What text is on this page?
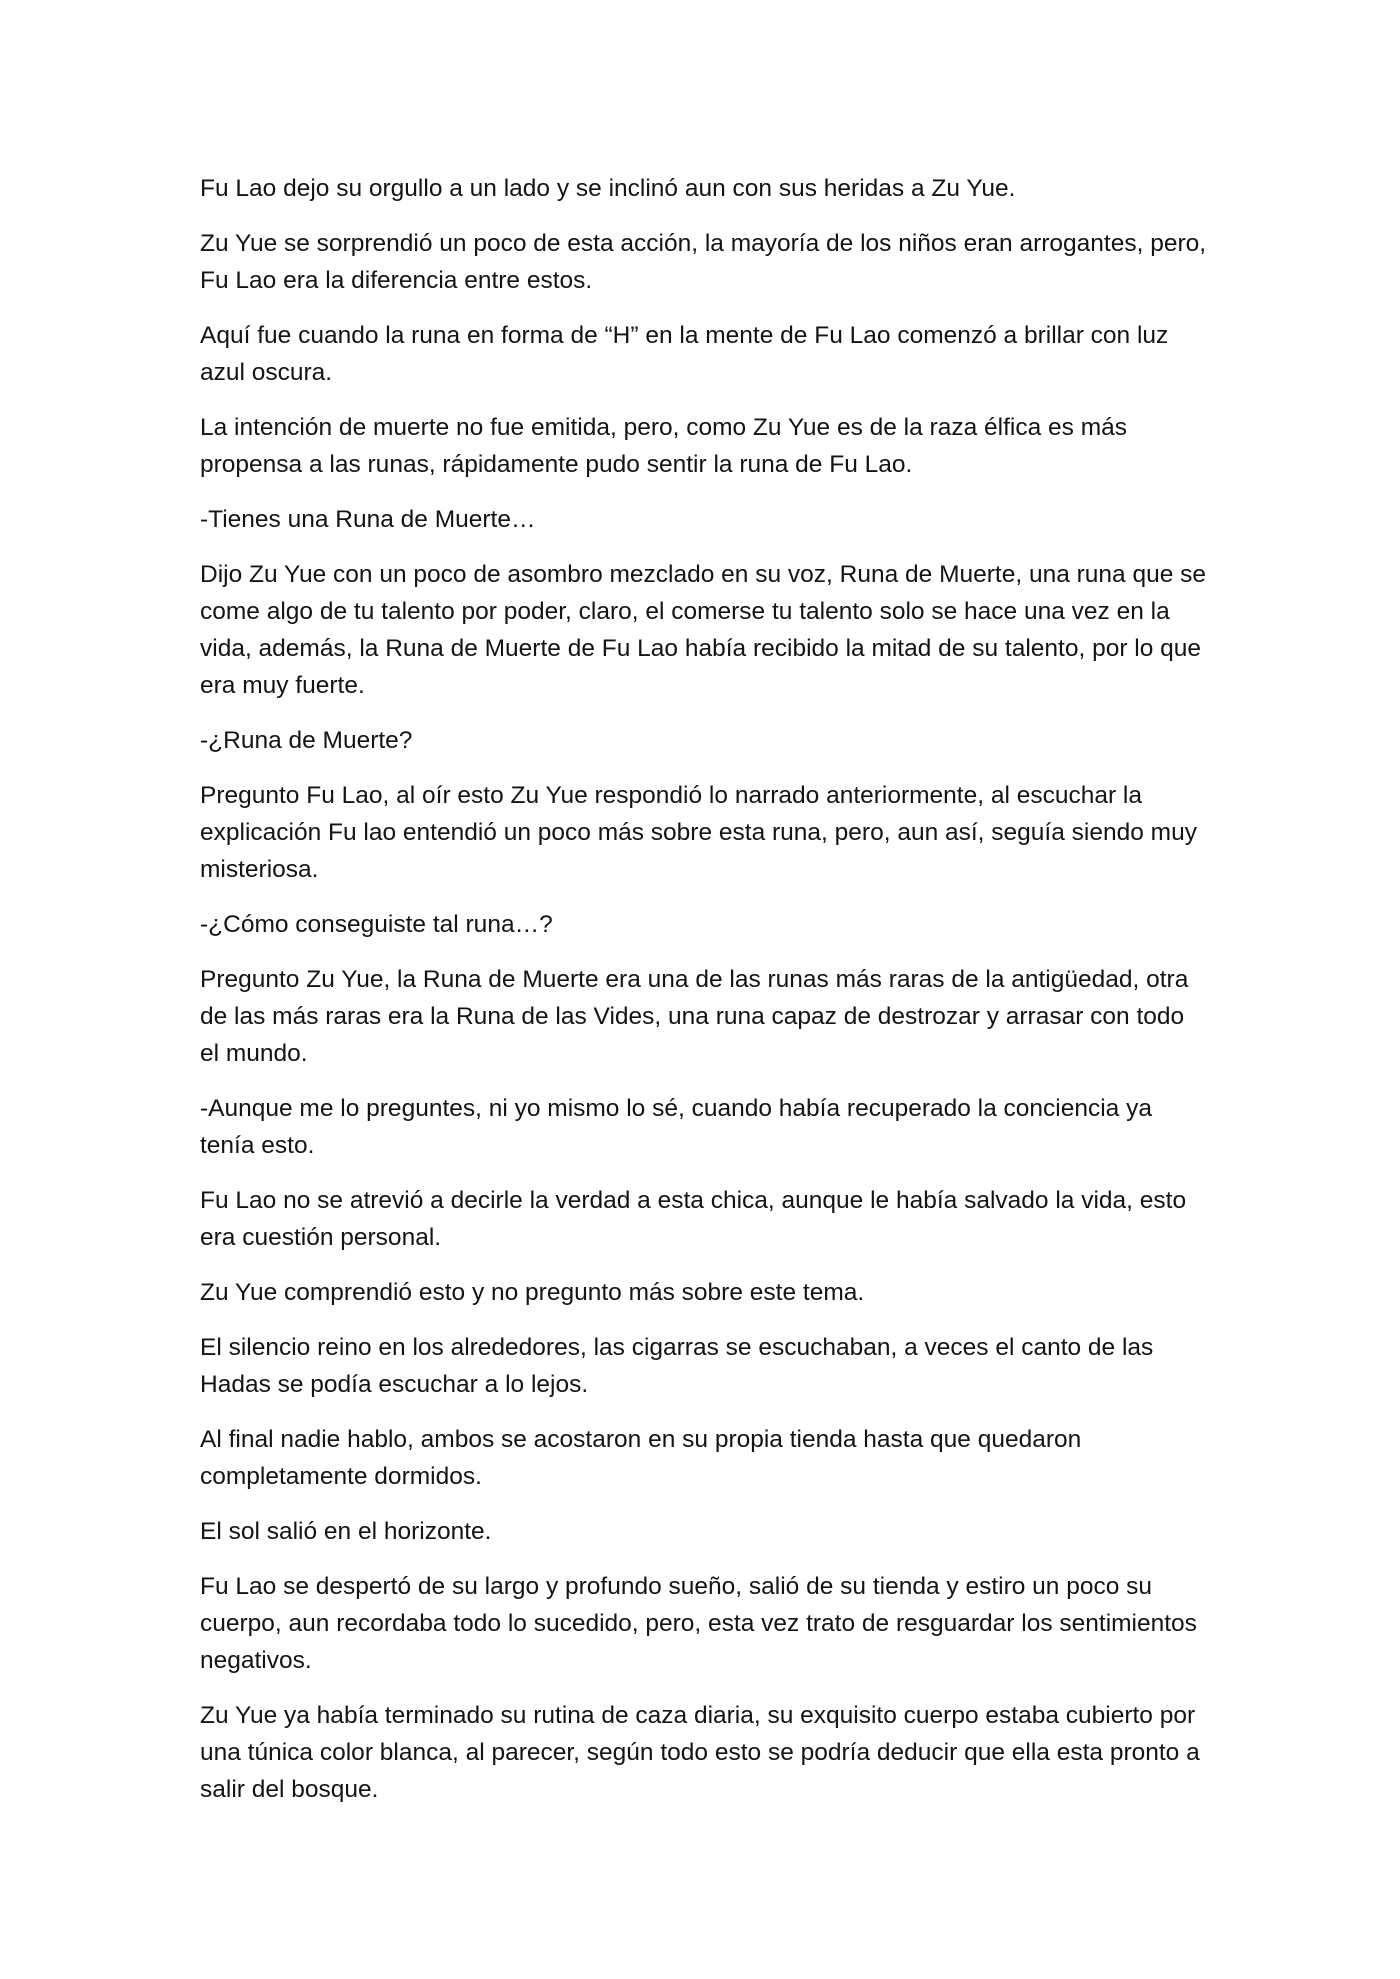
Fu Lao dejo su orgullo a un lado y se inclinó aun con sus heridas a Zu Yue.

Zu Yue se sorprendió un poco de esta acción, la mayoría de los niños eran arrogantes, pero, Fu Lao era la diferencia entre estos.

Aquí fue cuando la runa en forma de “H” en la mente de Fu Lao comenzó a brillar con luz azul oscura.

La intención de muerte no fue emitida, pero, como Zu Yue es de la raza élfica es más propensa a las runas, rápidamente pudo sentir la runa de Fu Lao.

-Tienes una Runa de Muerte…

Dijo Zu Yue con un poco de asombro mezclado en su voz, Runa de Muerte, una runa que se come algo de tu talento por poder, claro, el comerse tu talento solo se hace una vez en la vida, además, la Runa de Muerte de Fu Lao había recibido la mitad de su talento, por lo que era muy fuerte.

-¿Runa de Muerte?

Pregunto Fu Lao, al oír esto Zu Yue respondió lo narrado anteriormente, al escuchar la explicación Fu lao entendió un poco más sobre esta runa, pero, aun así, seguía siendo muy misteriosa.

-¿Cómo conseguiste tal runa…?

Pregunto Zu Yue, la Runa de Muerte era una de las runas más raras de la antigüedad, otra de las más raras era la Runa de las Vides, una runa capaz de destrozar y arrasar con todo el mundo.

-Aunque me lo preguntes, ni yo mismo lo sé, cuando había recuperado la conciencia ya tenía esto.

Fu Lao no se atrevió a decirle la verdad a esta chica, aunque le había salvado la vida, esto era cuestión personal.

Zu Yue comprendió esto y no pregunto más sobre este tema.

El silencio reino en los alrededores, las cigarras se escuchaban, a veces el canto de las Hadas se podía escuchar a lo lejos.

Al final nadie hablo, ambos se acostaron en su propia tienda hasta que quedaron completamente dormidos.

El sol salió en el horizonte.

Fu Lao se despertó de su largo y profundo sueño, salió de su tienda y estiro un poco su cuerpo, aun recordaba todo lo sucedido, pero, esta vez trato de resguardar los sentimientos negativos.

Zu Yue ya había terminado su rutina de caza diaria, su exquisito cuerpo estaba cubierto por una túnica color blanca, al parecer, según todo esto se podría deducir que ella esta pronto a salir del bosque.
